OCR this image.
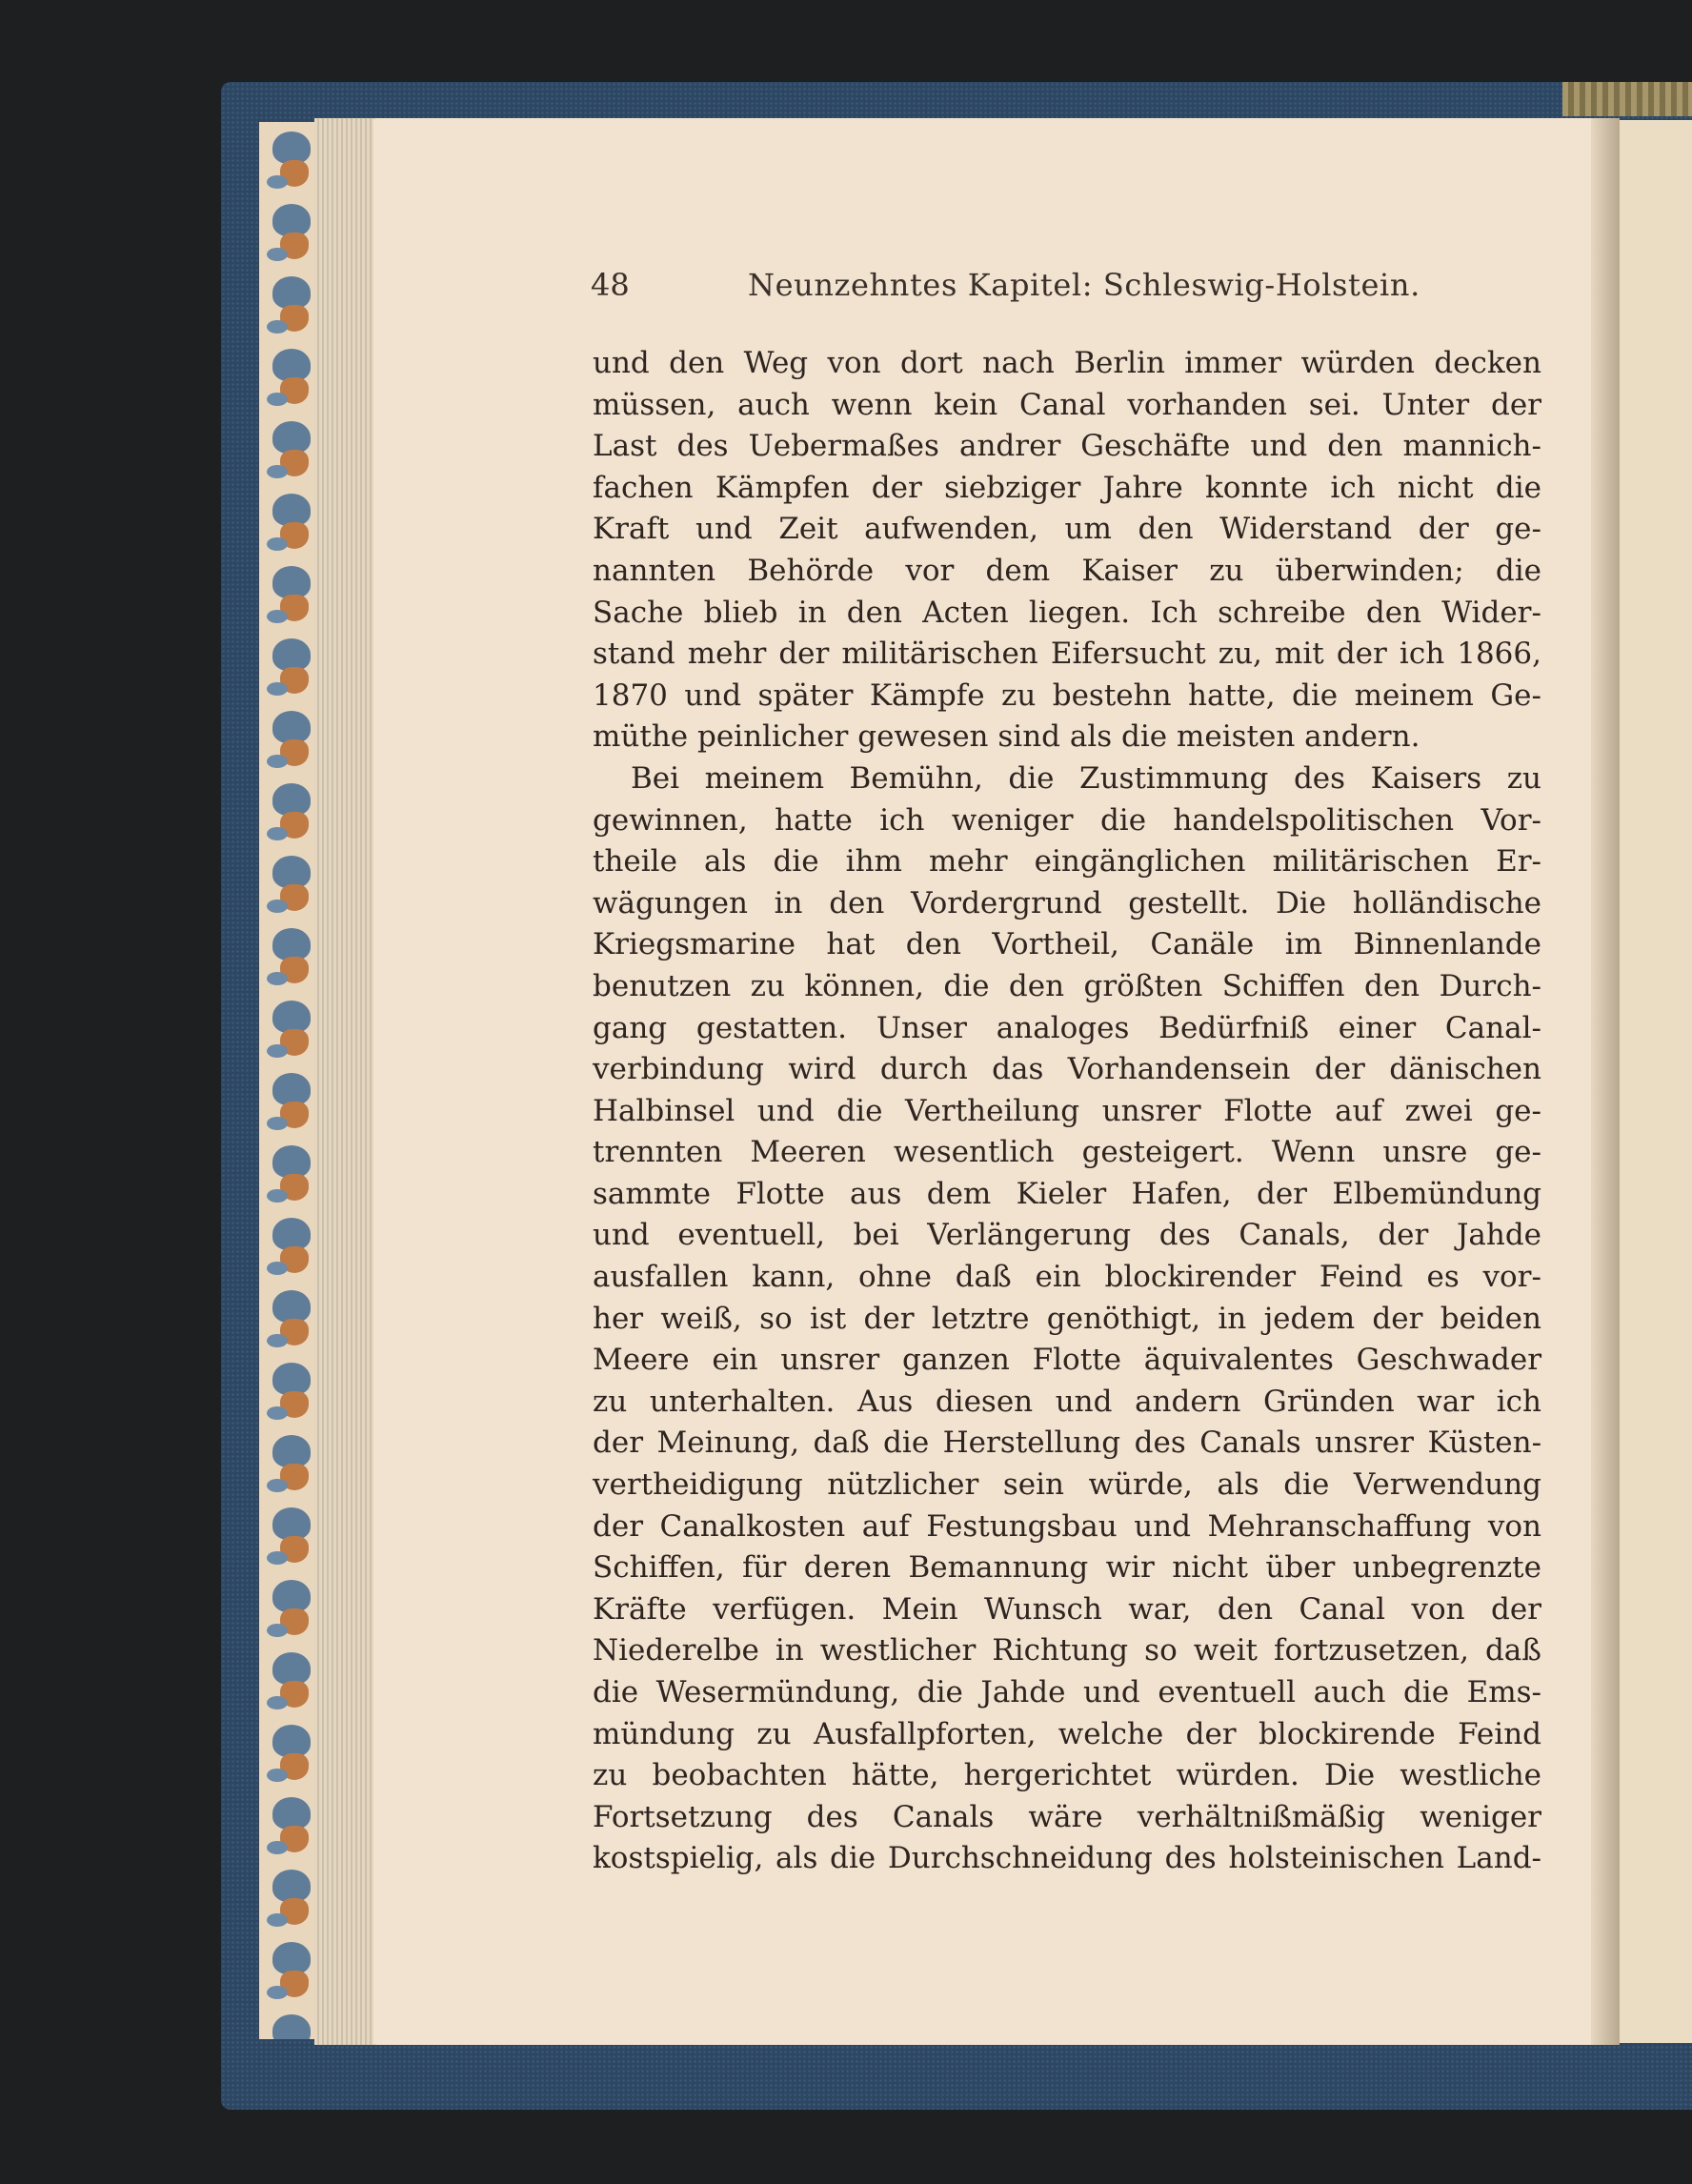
48	Neunzehntes Kapitel: Schleswig-Holstein.
und den Weg von dort nach Berlin immer würden decken
müssen, auch wenn kein Canal vorhanden sei. Unter der
Last des Uebermaßes andrer Geschäfte und den mannich-
fachen Kämpfen der siebziger Jahre konnte ich nicht die
Kraft und Zeit aufwenden, um den Widerstand der ge-
nannten Behörde vor dem Kaiser zu überwinden; die
Sache blieb in den Acten liegen. Ich schreibe den Wider-
stand mehr der militärischen Eifersucht zu, mit der ich 1866,
1870 und später Kämpfe zu bestehn hatte, die meinem Ge-
müthe peinlicher gewesen sind als die meisten andern.
Bei meinem Bemühn, die Zustimmung des Kaisers zu
gewinnen, hatte ich weniger die handelspolitischen Vor-
theile als die ihm mehr eingänglichen militärischen Er-
wägungen in den Vordergrund gestellt. Die holländische
Kriegsmarine hat den Vortheil, Canäle im Binnenlande
benutzen zu können, die den größten Schiffen den Durch-
gang gestatten. Unser analoges Bedürfniß einer Canal-
verbindung wird durch das Vorhandensein der dänischen
Halbinsel und die Vertheilung unsrer Flotte auf zwei ge-
trennten Meeren wesentlich gesteigert. Wenn unsre ge-
sammte Flotte aus dem Kieler Hafen, der Elbemündung
und eventuell, bei Verlängerung des Canals, der Jahde
ausfallen kann, ohne daß ein blockirender Feind es vor-
her weiß, so ist der letztre genöthigt, in jedem der beiden
Meere ein unsrer ganzen Flotte äquivalentes Geschwader
zu unterhalten. Aus diesen und andern Gründen war ich
der Meinung, daß die Herstellung des Canals unsrer Küsten-
vertheidigung nützlicher sein würde, als die Verwendung
der Canalkosten auf Festungsbau und Mehranschaffung von
Schiffen, für deren Bemannung wir nicht über unbegrenzte
Kräfte verfügen. Mein Wunsch war, den Canal von der
Niederelbe in westlicher Richtung so weit fortzusetzen, daß
die Wesermündung, die Jahde und eventuell auch die Ems-
mündung zu Ausfallpforten, welche der blockirende Feind
zu beobachten hätte, hergerichtet würden. Die westliche
Fortsetzung des Canals wäre verhältnißmäßig weniger
kostspielig, als die Durchschneidung des holsteinischen Land-
